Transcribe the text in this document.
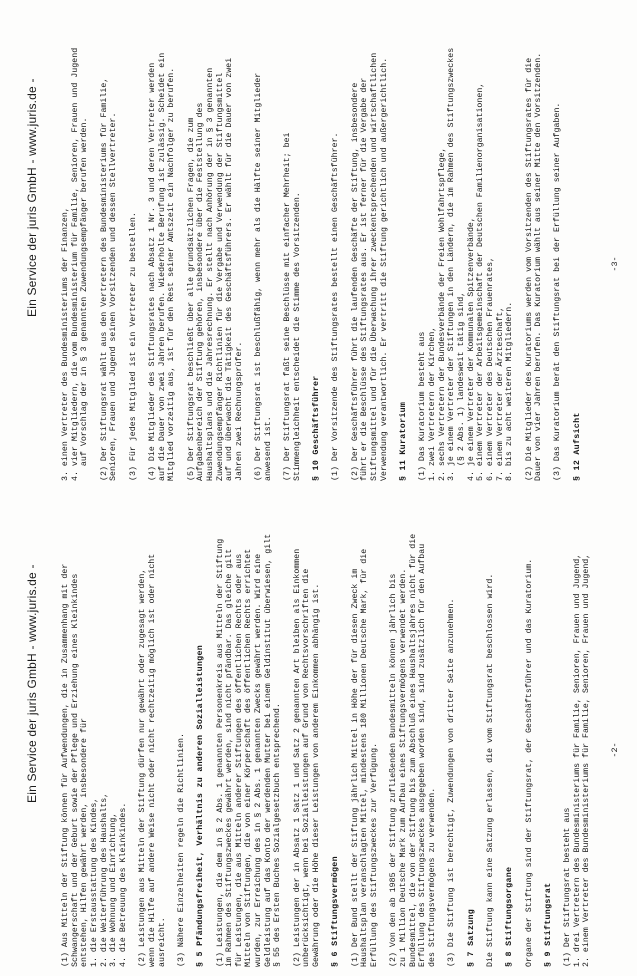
Ein Service der juris GmbH - www.juris.de -	(1) Aus Mitteln der Stiftung können für Aufwendungen, die in Zusammenhang mit der Schwangerschaft und der Geburt sowie der Pflege und Erziehung eines Kleinkindes entstehen, Hilfen gewährt werden, insbesondere für 1. die Erstausstattung des Kindes, 2. die Weiterführung des Haushalts, 3. die Wohnung und Einrichtung, 4. die Betreuung des Kleinkindes. (2) Leistungen aus Mitteln der Stiftung dürfen nur gewährt oder zugesagt werden, wenn die Hilfe auf andere Weise nicht oder nicht rechtzeitig möglich ist oder nicht ausreicht. (3) Nähere Einzelheiten regeln die Richtlinien. § 5 Pfändungsfreiheit, Verhältnis zu anderen Sozialleistungen (1) Leistungen, die dem in § 2 Abs. 1 genannten Personenkreis aus Mitteln der Stiftung im Rahmen des Stiftungszweckes gewährt werden, sind nicht pfändbar. Das gleiche gilt für Leistungen, die aus Mitteln anderer Stiftungen des öffentlichen Rechts oder aus Mitteln von Stiftungen, die von einer Körperschaft des öffentlichen Rechts errichtet wurden, zur Erreichung des in § 2 Abs. 1 genannten Zwecks gewährt werden. Wird eine Geldleistung auf das Konto der werdenden Mutter bei einem Geldinstitut überwiesen, gilt § 55 des Ersten Buches Sozialgesetzbuch entsprechend. (2) Leistungen der in Absatz 1 Satz 1 und Satz 2 genannten Art bleiben als Einkommen unberücksichtigt, wenn bei Sozialleistungen auf Grund von Rechtsvorschriften die Gewährung oder die Höhe dieser Leistungen von anderem Einkommen abhängig ist. § 6 Stiftungsvermögen (1) Der Bund stellt der Stiftung jährlich Mittel in Höhe der für diesen Zweck im Haushaltsplan veranschlagten Mittel, mindestens 180 Millionen Deutsche Mark, für die Erfüllung des Stiftungszweckes zur Verfügung. (2) Von den ab 1985 der Stiftung zufließenden Bundesmitteln können jährlich bis zu 1 Million Deutsche Mark zum Aufbau eines Stiftungsvermögens verwendet werden. Bundesmittel, die von der Stiftung bis zum Abschluß eines Haushaltsjahres nicht für die Erfüllung des Stiftungszweckes ausgegeben worden sind, sind zusätzlich für den Aufbau des Stiftungsvermögens zu verwenden. (3) Die Stiftung ist berechtigt, Zuwendungen von dritter Seite anzunehmen. § 7 Satzung Die Stiftung kann eine Satzung erlassen, die vom Stiftungsrat beschlossen wird. § 8 Stiftungsorgane Organe der Stiftung sind der Stiftungsrat, der Geschäftsführer und das Kuratorium. § 9 Stiftungsrat (1) Der Stiftungsrat besteht aus 1. drei Vertretern des Bundesministeriums für Familie, Senioren, Frauen und Jugend, 2. einem Vertreter des Bundesministeriums für Familie, Senioren, Frauen und Jugend, -2-
Ein Service der juris GmbH - www.juris.de -
3. einen Vertreter des Bundesministeriums der Finanzen, 4. vier Mitgliedern, die vom Bundesministerium für Familie, Senioren, Frauen und Jugend auf Vorschlag der in § 3 genannten Zuwendungsempfänger berufen werden. (2) Der Stiftungsrat wählt aus den Vertretern des Bundesministeriums für Familie, Senioren, Frauen und Jugend seinen Vorsitzenden und dessen Stellvertreter. (3) Für jedes Mitglied ist ein Vertreter zu bestellen. (4) Die Mitglieder des Stiftungsrates nach Absatz 1 Nr. 3 und deren Vertreter werden auf die Dauer von zwei Jahren berufen. Wiederholte Berufung ist zulässig. Scheidet ein Mitglied vorzeitig aus, ist für den Rest seiner Amtszeit ein Nachfolger zu berufen. (5) Der Stiftungsrat beschließt über alle grundsätzlichen Fragen, die zum Aufgabenbereich der Stiftung gehören, insbesondere über die Feststellung des Haushaltsplans und die Jahresrechnung. Er stellt nach Anhörung der in § 3 genannten Zuwendungsempfänger Richtlinien für die Vergabe und Verwendung der Stiftungsmittel auf und überwacht die Tätigkeit des Geschäftsführers. Er wählt für die Dauer von zwei Jahren zwei Rechnungsprüfer. (6) Der Stiftungsrat ist beschlußfähig, wenn mehr als die Hälfte seiner Mitglieder anwesend ist. (7) Der Stiftungsrat faßt seine Beschlüsse mit einfacher Mehrheit; bei Stimmengleichheit entscheidet die Stimme des Vorsitzenden. § 10 Geschäftsführer (1) Der Vorsitzende des Stiftungsrates bestellt einen Geschäftsführer. (2) Der Geschäftsführer führt die laufenden Geschäfte der Stiftung, insbesondere führt er die Beschlüsse des Stiftungsrates aus. Er ist ferner für die Vergabe der Stiftungsmittel und für die Überwachung ihrer zweckentsprechenden und wirtschaftlichen Verwendung verantwortlich. Er vertritt die Stiftung gerichtlich und außergerichtlich. § 11 Kuratorium (1) Das Kuratorium besteht aus 1. zwei Vertretern der Kirchen, 2. sechs Vertretern der Bundesverbände der Freien Wohlfahrtspflege, 3. je einem Vertreter der Stiftungen in den Ländern, die im Rahmen des Stiftungszweckes (§ 2 Abs. 1) landesweit tätig sind, 4. je einem Vertreter der Kommunalen Spitzenverbände, 5. einem Vertreter der Arbeitsgemeinschaft der Deutschen Familienorganisationen, 6. einem Vertreter des Deutschen Frauenrates, 7. einem Vertreter der Ärzteschaft, 8. bis zu acht weiteren Mitgliedern. (2) Die Mitglieder des Kuratoriums werden vom Vorsitzenden des Stiftungsrates für die Dauer von vier Jahren berufen. Das Kuratorium wählt aus seiner Mitte den Vorsitzenden. (3) Das Kuratorium berät den Stiftungsrat bei der Erfüllung seiner Aufgaben. § 12 Aufsicht
-3-
